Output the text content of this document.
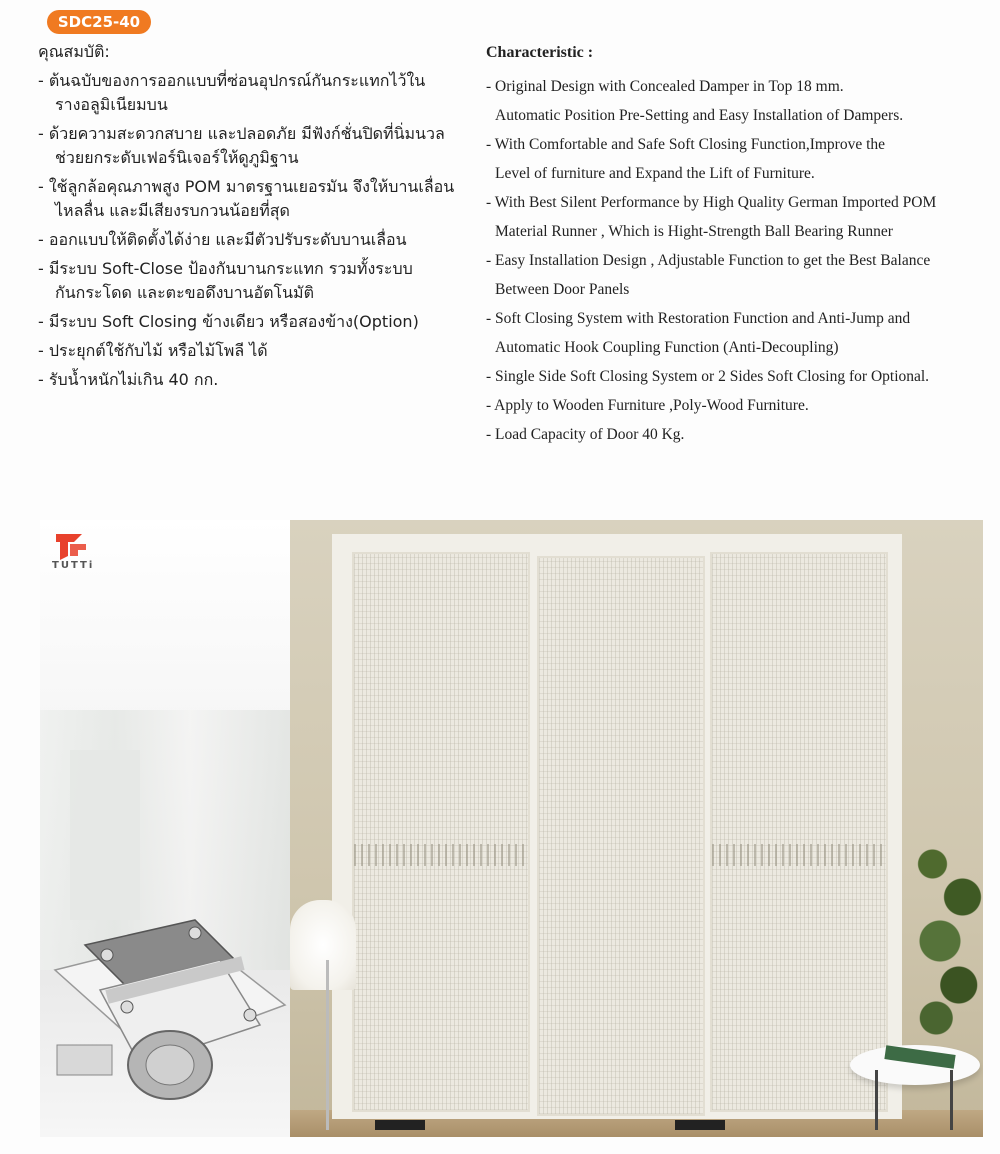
SDC25-40
คุณสมบัติ:
- ต้นฉบับของการออกแบบที่ซ่อนอุปกรณ์กันกระแทกไว้ใน
รางอลูมิเนียมบน
- ด้วยความสะดวกสบาย และปลอดภัย มีฟังก์ชั่นปิดที่นิ่มนวล
ช่วยยกระดับเฟอร์นิเจอร์ให้ดูภูมิฐาน
- ใช้ลูกล้อคุณภาพสูง POM มาตรฐานเยอรมัน จึงให้บานเลื่อน
ไหลลื่น และมีเสียงรบกวนน้อยที่สุด
- ออกแบบให้ติดตั้งได้ง่าย และมีตัวปรับระดับบานเลื่อน
- มีระบบ Soft-Close ป้องกันบานกระแทก รวมทั้งระบบ
กันกระโดด และตะขอดึงบานอัตโนมัติ
- มีระบบ Soft Closing ข้างเดียว หรือสองข้าง(Option)
- ประยุกต์ใช้กับไม้ หรือไม้โพลี ได้
- รับน้ำหนักไม่เกิน 40 กก.
Characteristic :
- Original Design with Concealed Damper in Top 18 mm.
Automatic Position Pre-Setting and Easy Installation of Dampers.
- With Comfortable and Safe Soft Closing Function,Improve the
Level of furniture and Expand the Lift of Furniture.
- With Best Silent Performance by High Quality German Imported POM
Material Runner , Which is Hight-Strength Ball Bearing Runner
- Easy Installation Design , Adjustable Function to get the Best Balance
Between Door Panels
- Soft Closing System with Restoration Function and Anti-Jump and
Automatic Hook Coupling Function (Anti-Decoupling)
- Single Side Soft Closing System or 2 Sides Soft Closing for Optional.
- Apply to Wooden Furniture ,Poly-Wood Furniture.
- Load Capacity of Door 40 Kg.
TUTTi
